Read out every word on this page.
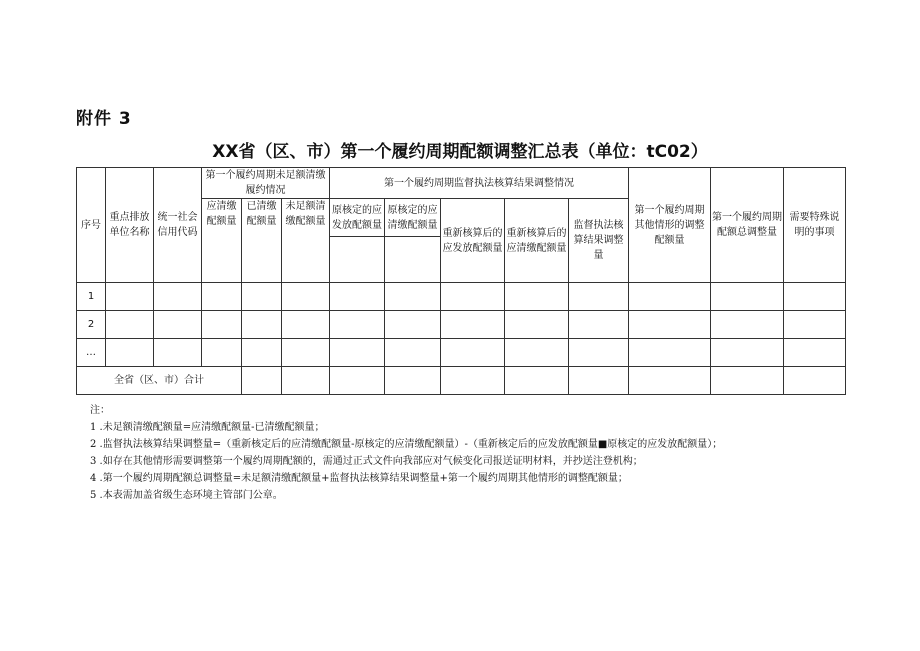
附件 3
XX省（区、市）第一个履约周期配额调整汇总表（单位：tC02）
序号	重点排放单位名称	统一社会信用代码	第一个履约周期未足额清缴履约情况			第一个履约周期监督执法核算结果调整情况					第一个履约周期其他情形的调整配额量	第一个履约周期配额总调整量	需要特殊说明的事项	
			应清缴配额量	已清缴配额量	未足额清缴配额量	原核定的应发放配额量	原核定的应清缴配额量	重新核算后的应发放配额量	重新核算后的应清缴配额量	监督执法核算结果调整量				

1														
2														
…														
全省（区、市）合计														
注：
1 .未足额清缴配额量=应清缴配额量-已清缴配额量；
2 .监督执法核算结果调整量=（重新核定后的应清缴配额量-原核定的应清缴配额量）-（重新核定后的应发放配额量■原核定的应发放配额量）；
3 .如存在其他情形需要调整第一个履约周期配额的，需通过正式文件向我部应对气候变化司报送证明材料，并抄送注登机构；
4 .第一个履约周期配额总调整量=未足额清缴配额量+监督执法核算结果调整量+第一个履约周期其他情形的调整配额量；
5 .本表需加盖省级生态环境主管部门公章。
